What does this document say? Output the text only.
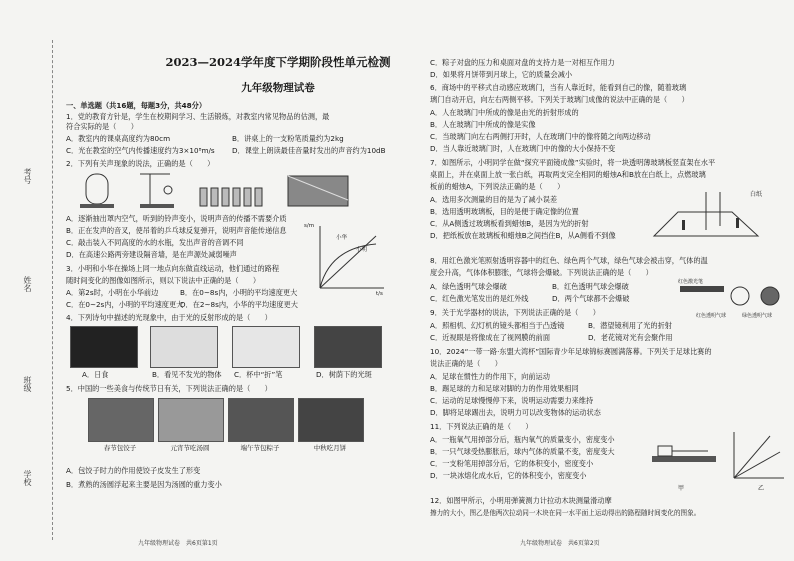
考号
姓名
班级
学校
2023—2024学年度下学期阶段性单元检测
九年级物理试卷
一、单选题（共16题，每题3分，共48分）
1．党的教育方针是，学生在校期间学习、生活锻炼，对教室内常见物品的估测，最
符合实际的是（　　）
A．教室内的课桌高度约为80cm	B．讲桌上的一支粉笔质量约为2kg
C．光在教室的空气内传播速度约为3×10⁸m/s D．课堂上朗读最佳音量时发出的声音约为10dB
2．下列有关声现象的说法，正确的是（　　）
A．逐渐抽出罩内空气，听到的铃声变小，说明声音的传播不需要介质
B．正在发声的音叉，使吊着的乒乓球反复弹开，说明声音能传递信息
C．敲击装入不同高度的水的水瓶，发出声音的音调不同
D．在高速公路两旁建设隔音墙，是在声源处减弱噪声
3．小明和小华在操场上同一地点向东做直线运动，他们通过的路程
随时间变化的图像如图所示，则以下说法中正确的是（　　）
s/m
t/s
小华
小明
A．第2s时，小明在小华前边	B．在0~8s内，小明的平均速度更大
C．在0~2s内，小明的平均速度更大
D．在2~8s内，小华的平均速度更大
4．下列诗句中描述的光现象中，由于光的反射形成的是（　　）
A．日食	B．看见不发光的物体 C．杯中“折”笔	D．树荫下的光斑
5．中国的一些美食与传统节日有关，下列说法正确的是（　　）
春节包饺子	元宵节吃汤圆	端午节包粽子	中秋吃月饼
A．包饺子时力的作用使饺子皮发生了形变
B．煮熟的汤圆浮起来主要是因为汤圆的重力变小
九年级物理试卷　共6页第1页
C．粽子对盘的压力和桌面对盘的支持力是一对相互作用力
D．如果将月饼带到月球上，它的质量会减小
6．商场中的平移式自动感应玻璃门，当有人靠近时，能看到自己的像，随着玻璃
璃门自动开启，向左右两侧平移。下列关于玻璃门成像的说法中正确的是（　　）
A．人在玻璃门中所成的像是由光的折射形成的
B．人在玻璃门中所成的像是实像
C．当玻璃门向左右两侧打开时，人在玻璃门中的像将随之向两边移动
D．当人靠近玻璃门时，人在玻璃门中的像的大小保持不变
7．如图所示，小明同学在做“探究平面镜成像”实验时，将一块透明薄玻璃板竖直架在水平
桌面上，并在桌面上放一张白纸，再取两支完全相同的蜡烛A和B放在白纸上，点燃玻璃
板前的蜡烛A，下列说法正确的是（　　）
A．选用多次测量的目的是为了减小误差
B．选用透明玻璃板，目的是便于确定像的位置
C．从A侧透过玻璃板看到蜡烛B，是因为光的折射
D．把纸板放在玻璃板和蜡烛B之间挡住B，从A侧看不到像
白纸
8．用红色激光笔照射透明容器中的红色、绿色两个气球，绿色气球会被击穿，气体的温
度会升高，气体体积膨胀，气球将会爆破。下列说法正确的是（　　）
A．绿色透明气球会爆破	B．红色透明气球会爆破
C．红色激光笔发出的是红外线	D．两个气球都不会爆破
红色激光笔
红色透明气球	绿色透明气球
9．关于光学器材的说法，下列说法正确的是（　　）
A．照相机、幻灯机的镜头都相当于凸透镜	B．潜望镜利用了光的折射
C．近视眼是将像成在了视网膜的前面	D．老花镜对光有会聚作用
10．2024“一带一路·东盟大湾杯”国际青少年足球锦标赛圆满落幕。下列关于足球比赛的
说法正确的是（　　）
A．足球在惯性力的作用下，向前运动
B．踢足球的力和足球对脚的力的作用效果相同
C．运动的足球慢慢停下来，说明运动需要力来维持
D．脚将足球踢出去，说明力可以改变物体的运动状态
11．下列说法正确的是（　　）
A．一瓶氧气用掉部分后，瓶内氧气的质量变小，密度变小
B．一只气球受热膨胀后，球内气体的质量不变，密度变大
C．一支粉笔用掉部分后，它的体积变小，密度变小
D．一块冰熔化成水后，它的体积变小，密度变小
甲	乙
12．如图甲所示，小明用弹簧测力计拉动木块测量滑动摩
擦力的大小，图乙是他两次拉动同一木块在同一水平面上运动得出的路程随时间变化的图象。
九年级物理试卷　共6页第2页
